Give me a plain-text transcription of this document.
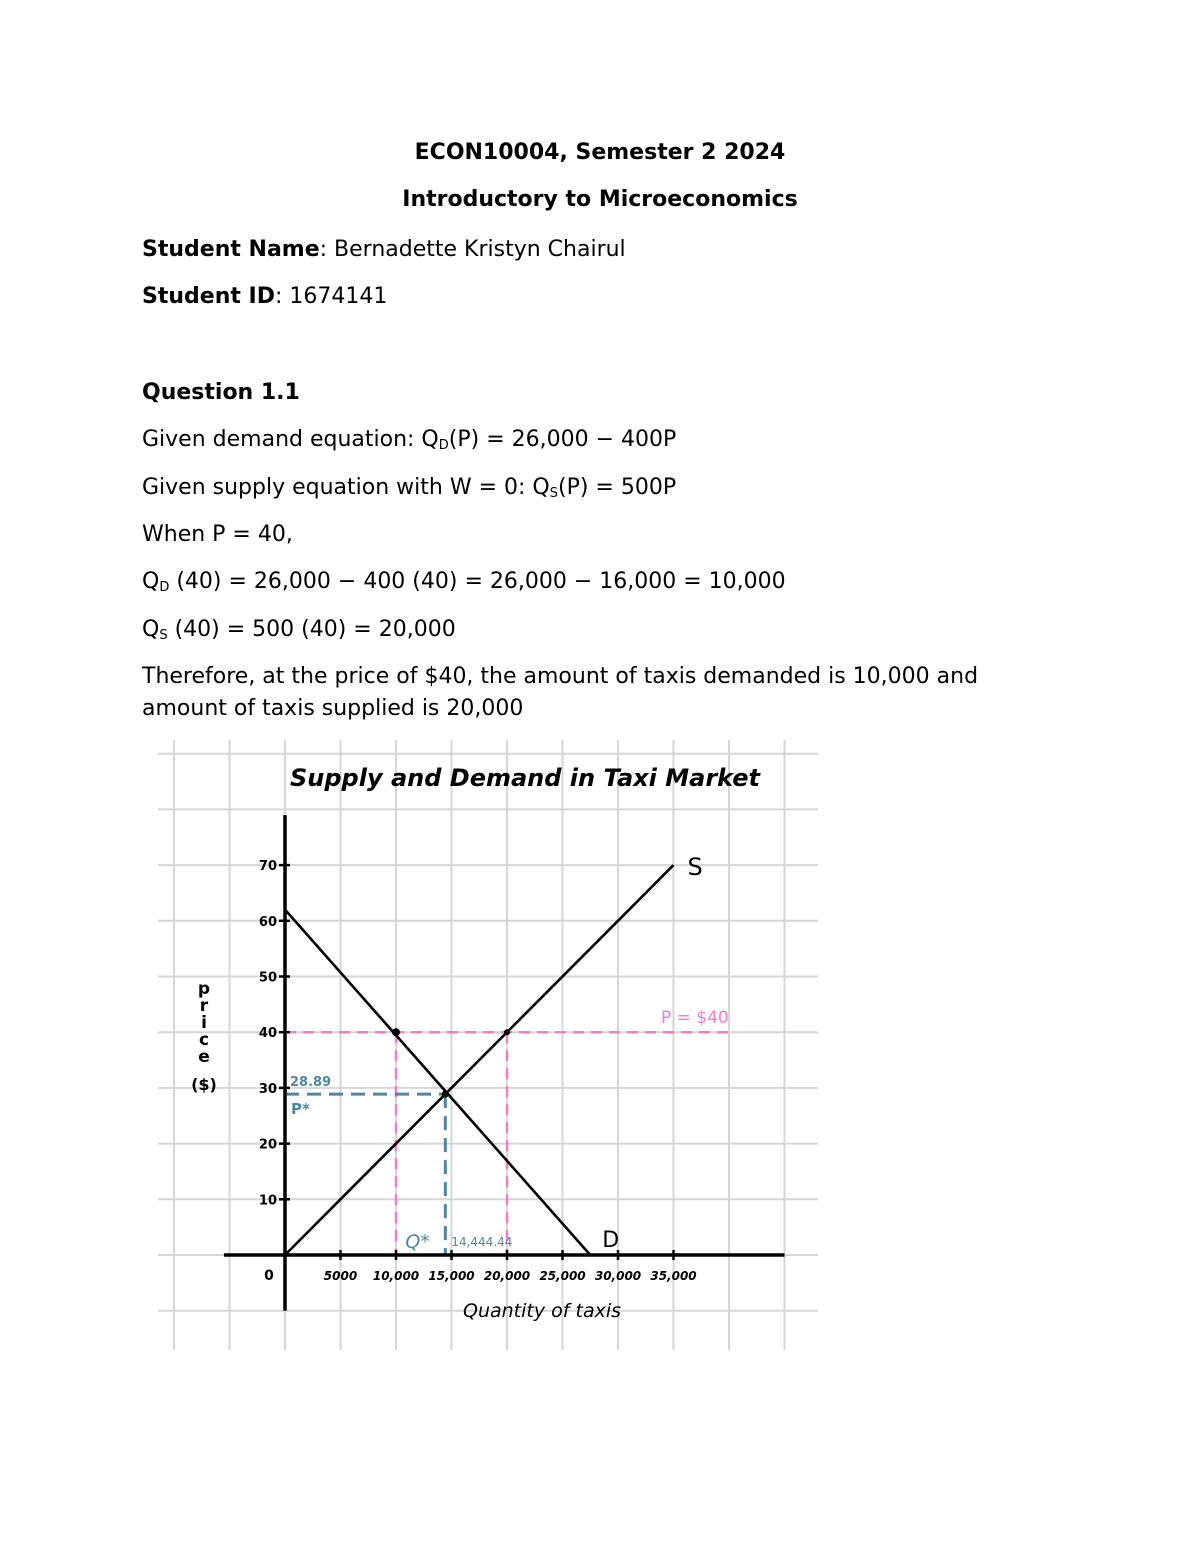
ECON10004, Semester 2 2024
Introductory to Microeconomics
Student Name: Bernadette Kristyn Chairul
Student ID: 1674141
Question 1.1
Given demand equation: $Q_D(P) = 26,000 - 400P$
Given supply equation with W = 0: $Q_S(P) = 500P$
When P = 40,
$Q_D$ (40) = 26,000 − 400 (40) = 26,000 − 16,000 = 10,000
$Q_S$ (40) = 500 (40) = 20,000
Therefore, at the price of $40, the amount of taxis demanded is 10,000 and amount of taxis supplied is 20,000
5000 10,000 15,000 20,000 25,000 30,000 35,000
10
20
30
40
50
60
70
0
P = $40
28.89
P*
Q* 14,444.44
S
D
Supply and Demand in Taxi Market
Quantity of taxis
p
r
i
c
e
($)
